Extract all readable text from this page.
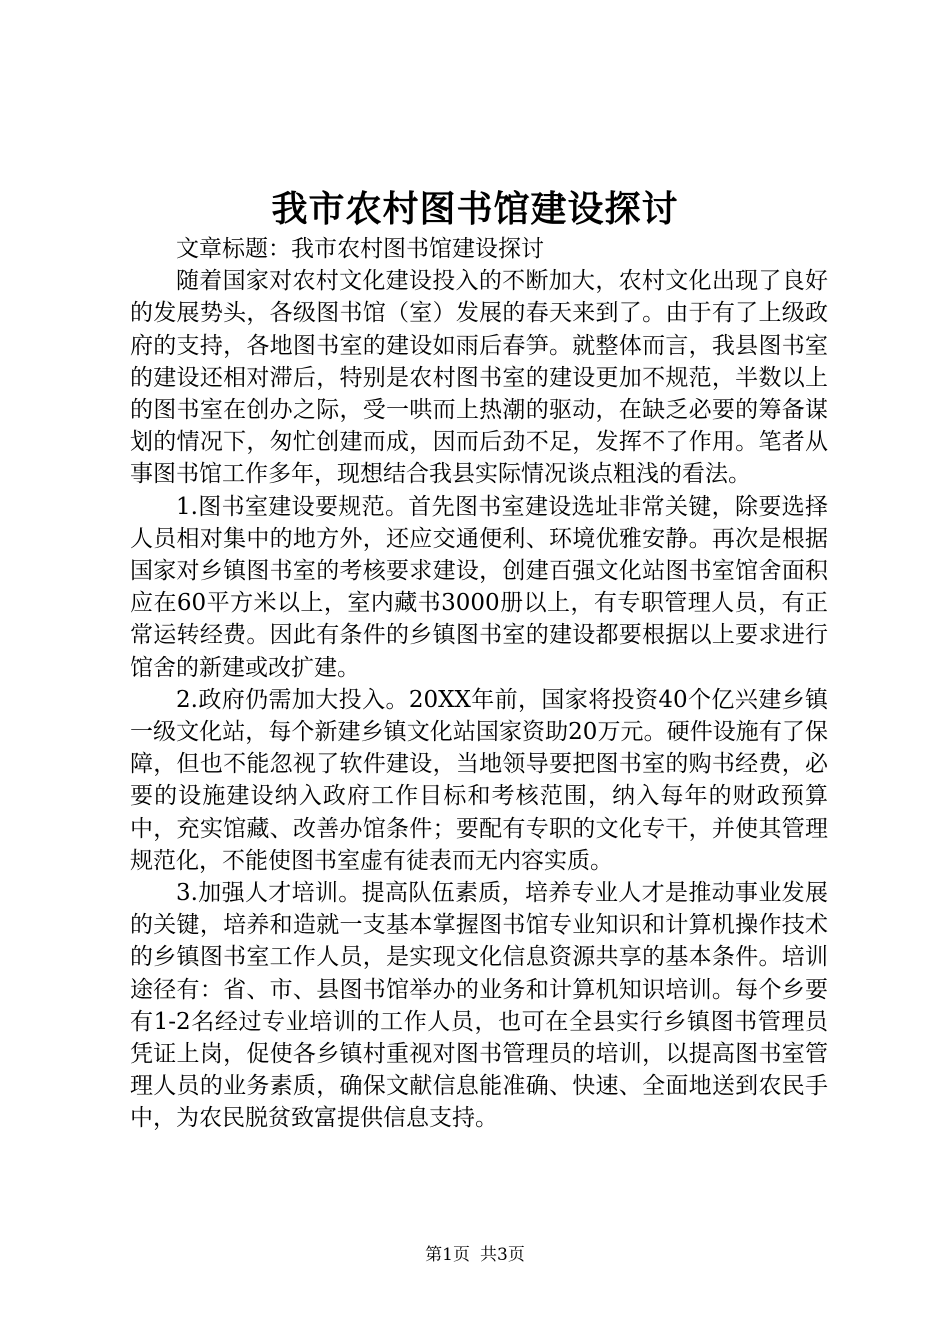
我市农村图书馆建设探讨

文章标题：我市农村图书馆建设探讨

随着国家对农村文化建设投入的不断加大，农村文化出现了良好的发展势头，各级图书馆（室）发展的春天来到了。由于有了上级政府的支持，各地图书室的建设如雨后春笋。就整体而言，我县图书室的建设还相对滞后，特别是农村图书室的建设更加不规范，半数以上的图书室在创办之际，受一哄而上热潮的驱动，在缺乏必要的筹备谋划的情况下，匆忙创建而成，因而后劲不足，发挥不了作用。笔者从事图书馆工作多年，现想结合我县实际情况谈点粗浅的看法。

1.图书室建设要规范。首先图书室建设选址非常关键，除要选择人员相对集中的地方外，还应交通便利、环境优雅安静。再次是根据国家对乡镇图书室的考核要求建设，创建百强文化站图书室馆舍面积应在60平方米以上，室内藏书3000册以上，有专职管理人员，有正常运转经费。因此有条件的乡镇图书室的建设都要根据以上要求进行馆舍的新建或改扩建。

2.政府仍需加大投入。20XX年前，国家将投资40个亿兴建乡镇一级文化站，每个新建乡镇文化站国家资助20万元。硬件设施有了保障，但也不能忽视了软件建设，当地领导要把图书室的购书经费，必要的设施建设纳入政府工作目标和考核范围，纳入每年的财政预算中，充实馆藏、改善办馆条件；要配有专职的文化专干，并使其管理规范化，不能使图书室虚有徒表而无内容实质。

3.加强人才培训。提高队伍素质，培养专业人才是推动事业发展的关键，培养和造就一支基本掌握图书馆专业知识和计算机操作技术的乡镇图书室工作人员，是实现文化信息资源共享的基本条件。培训途径有：省、市、县图书馆举办的业务和计算机知识培训。每个乡要有1-2名经过专业培训的工作人员，也可在全县实行乡镇图书管理员凭证上岗，促使各乡镇村重视对图书管理员的培训，以提高图书室管理人员的业务素质，确保文献信息能准确、快速、全面地送到农民手中，为农民脱贫致富提供信息支持。

第1页 共3页
